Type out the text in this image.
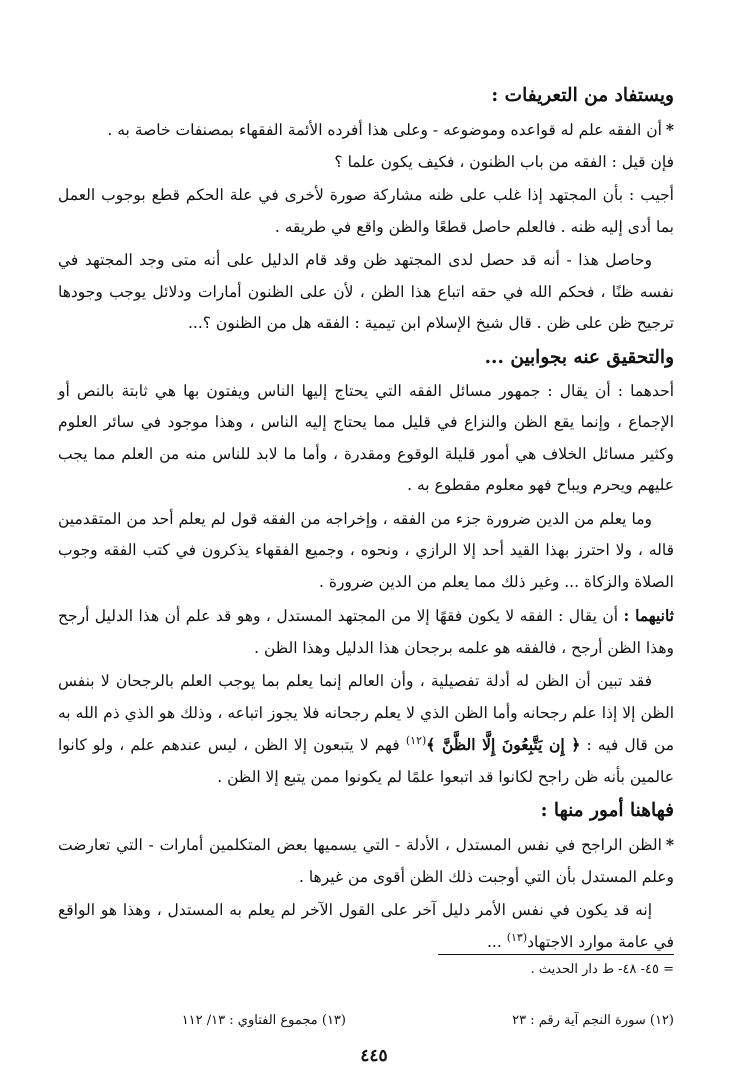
ويستفاد من التعريفات :

*أن الفقه علم له قواعده وموضوعه - وعلى هذا أفرده الأئمة الفقهاء بمصنفات خاصة به .

فإن قيل : الفقه من باب الظنون ، فكيف يكون علما ؟

أجيب : بأن المجتهد إذا غلب على ظنه مشاركة صورة لأخرى في علة الحكم قطع بوجوب العمل بما أدى إليه ظنه . فالعلم حاصل قطعًا والظن واقع في طريقه .

وحاصل هذا - أنه قد حصل لدى المجتهد ظن وقد قام الدليل على أنه متى وجد المجتهد في نفسه ظنًا ، فحكم الله في حقه اتباع هذا الظن ، لأن على الظنون أمارات ودلائل يوجب وجودها ترجيح ظن على ظن . قال شيخ الإسلام ابن تيمية : الفقه هل من الظنون ؟...

والتحقيق عنه بجوابين ...

أحدهما : أن يقال : جمهور مسائل الفقه التي يحتاج إليها الناس ويفتون بها هي ثابتة بالنص أو الإجماع ، وإنما يقع الظن والنزاع في قليل مما يحتاج إليه الناس ، وهذا موجود في سائر العلوم وكثير مسائل الخلاف هي أمور قليلة الوقوع ومقدرة ، وأما ما لابد للناس منه من العلم مما يجب عليهم ويحرم ويباح فهو معلوم مقطوع به .

وما يعلم من الدين ضرورة جزء من الفقه ، وإخراجه من الفقه قول لم يعلم أحد من المتقدمين قاله ، ولا احترز بهذا القيد أحد إلا الرازي ، ونحوه ، وجميع الفقهاء يذكرون في كتب الفقه وجوب الصلاة والزكاة ... وغير ذلك مما يعلم من الدين ضرورة .

ثانيهما : أن يقال : الفقه لا يكون فقهًا إلا من المجتهد المستدل ، وهو قد علم أن هذا الدليل أرجح وهذا الظن أرجح ، فالفقه هو علمه برجحان هذا الدليل وهذا الظن .

فقد تبين أن الظن له أدلة تفصيلية ، وأن العالم إنما يعلم بما يوجب العلم بالرجحان لا بنفس الظن إلا إذا علم رجحانه وأما الظن الذي لا يعلم رجحانه فلا يجوز اتباعه ، وذلك هو الذي ذم الله به من قال فيه : ﴿ إِن يَتَّبِعُونَ إِلَّا الظَّنَّ ﴾$^{(١٢)}$ فهم لا يتبعون إلا الظن ، ليس عندهم علم ، ولو كانوا عالمين بأنه ظن راجح لكانوا قد اتبعوا علمًا لم يكونوا ممن يتبع إلا الظن .

فهاهنا أمور منها :

*الظن الراجح في نفس المستدل ، الأدلة - التي يسميها بعض المتكلمين أمارات - التي تعارضت وعلم المستدل بأن التي أوجبت ذلك الظن أقوى من غيرها .

إنه قد يكون في نفس الأمر دليل آخر على القول الآخر لم يعلم به المستدل ، وهذا هو الواقع في عامة موارد الاجتهاد$^{(١٣)}$ ...

= ٤٥- ٤٨- ط دار الحديث .
(١٢) سورة النجم آية رقم : ٢٣
(١٣) مجموع الفتاوي : ١٣/ ١١٢
٤٤٥
